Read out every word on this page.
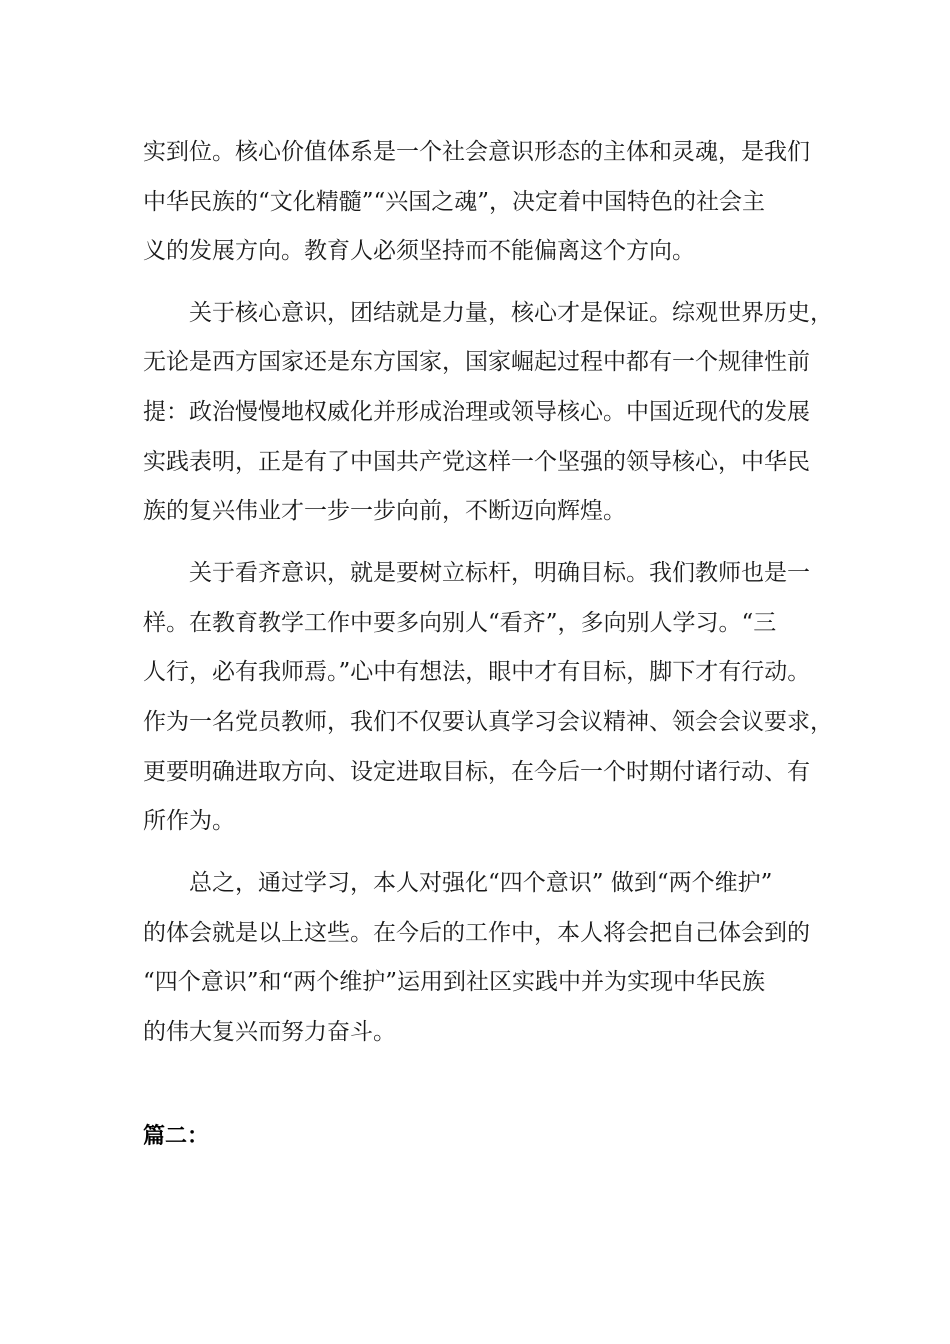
实到位。核心价值体系是一个社会意识形态的主体和灵魂，是我们

中华民族的“文化精髓”“兴国之魂”，决定着中国特色的社会主

义的发展方向。教育人必须坚持而不能偏离这个方向。

关于核心意识，团结就是力量，核心才是保证。综观世界历史，

无论是西方国家还是东方国家，国家崛起过程中都有一个规律性前

提：政治慢慢地权威化并形成治理或领导核心。中国近现代的发展

实践表明，正是有了中国共产党这样一个坚强的领导核心，中华民

族的复兴伟业才一步一步向前，不断迈向辉煌。

关于看齐意识，就是要树立标杆，明确目标。我们教师也是一

样。在教育教学工作中要多向别人“看齐”，多向别人学习。“三

人行，必有我师焉。”心中有想法，眼中才有目标，脚下才有行动。

作为一名党员教师，我们不仅要认真学习会议精神、领会会议要求，

更要明确进取方向、设定进取目标，在今后一个时期付诸行动、有

所作为。

总之，通过学习，本人对强化“四个意识” 做到“两个维护”

的体会就是以上这些。在今后的工作中，本人将会把自己体会到的

“四个意识”和“两个维护”运用到社区实践中并为实现中华民族

的伟大复兴而努力奋斗。

篇二：
